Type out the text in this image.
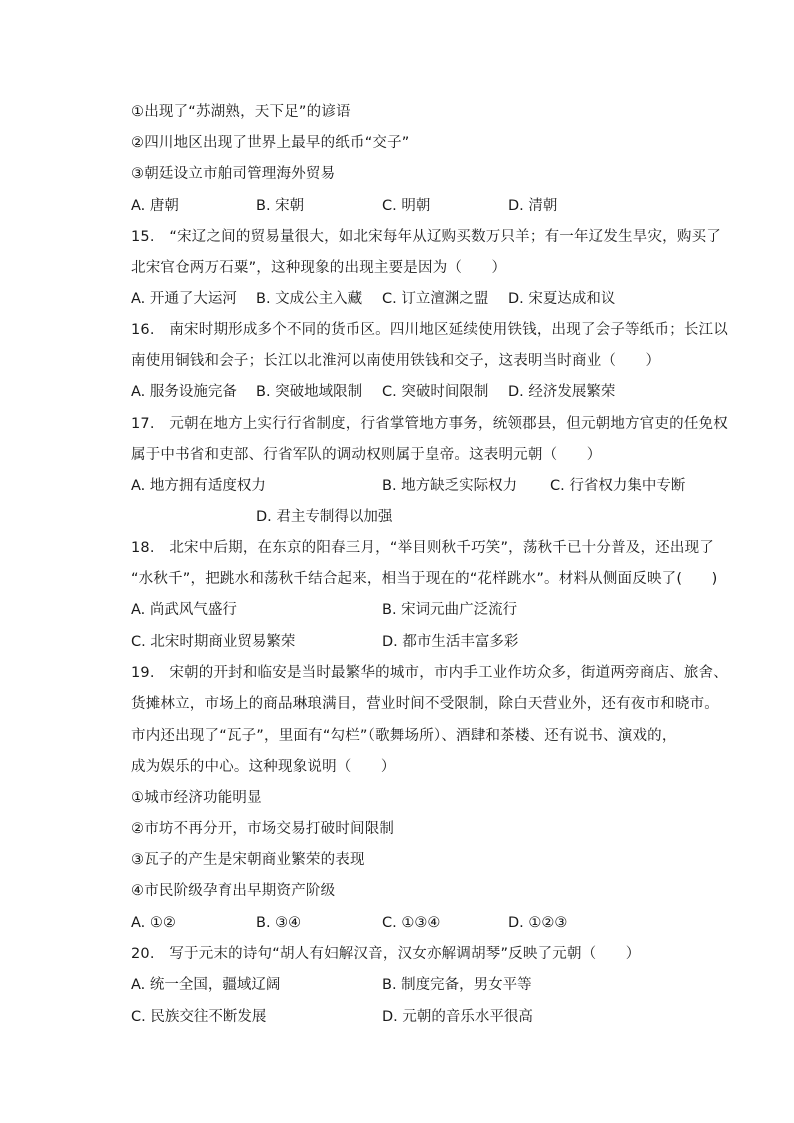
①出现了“苏湖熟，天下足”的谚语
②四川地区出现了世界上最早的纸币“交子”
③朝廷设立市舶司管理海外贸易
A. 唐朝	B. 宋朝	C. 明朝	D. 清朝
15.　“宋辽之间的贸易量很大，如北宋每年从辽购买数万只羊；有一年辽发生旱灾，购买了
北宋官仓两万石粟”，这种现象的出现主要是因为（　　）
A. 开通了大运河 B. 文成公主入藏 C. 订立澶渊之盟 D. 宋夏达成和议
16.　南宋时期形成多个不同的货币区。四川地区延续使用铁钱，出现了会子等纸币；长江以
南使用铜钱和会子；长江以北淮河以南使用铁钱和交子，这表明当时商业（　　）
A. 服务设施完备 B. 突破地域限制 C. 突破时间限制 D. 经济发展繁荣
17.　元朝在地方上实行行省制度，行省掌管地方事务，统领郡县，但元朝地方官吏的任免权
属于中书省和吏部、行省军队的调动权则属于皇帝。这表明元朝（　　）
A. 地方拥有适度权力	B. 地方缺乏实际权力 C. 行省权力集中专断
D. 君主专制得以加强
18.　北宋中后期，在东京的阳春三月，“举目则秋千巧笑”，荡秋千已十分普及，还出现了
“水秋千”，把跳水和荡秋千结合起来，相当于现在的“花样跳水”。材料从侧面反映了(　　)
A. 尚武风气盛行	B. 宋词元曲广泛流行
C. 北宋时期商业贸易繁荣	D. 都市生活丰富多彩
19.　宋朝的开封和临安是当时最繁华的城市，市内手工业作坊众多，街道两旁商店、旅舍、
货摊林立，市场上的商品琳琅满目，营业时间不受限制，除白天营业外，还有夜市和晓市。
市内还出现了“瓦子”，里面有“勾栏”（歌舞场所）、酒肆和茶楼、还有说书、演戏的，
成为娱乐的中心。这种现象说明（　　）
①城市经济功能明显
②市坊不再分开，市场交易打破时间限制
③瓦子的产生是宋朝商业繁荣的表现
④市民阶级孕育出早期资产阶级
A. ①②	B. ③④	C. ①③④	D. ①②③
20.　写于元末的诗句“胡人有妇解汉音，汉女亦解调胡琴”反映了元朝（　　）
A. 统一全国，疆域辽阔	B. 制度完备，男女平等
C. 民族交往不断发展	D. 元朝的音乐水平很高
